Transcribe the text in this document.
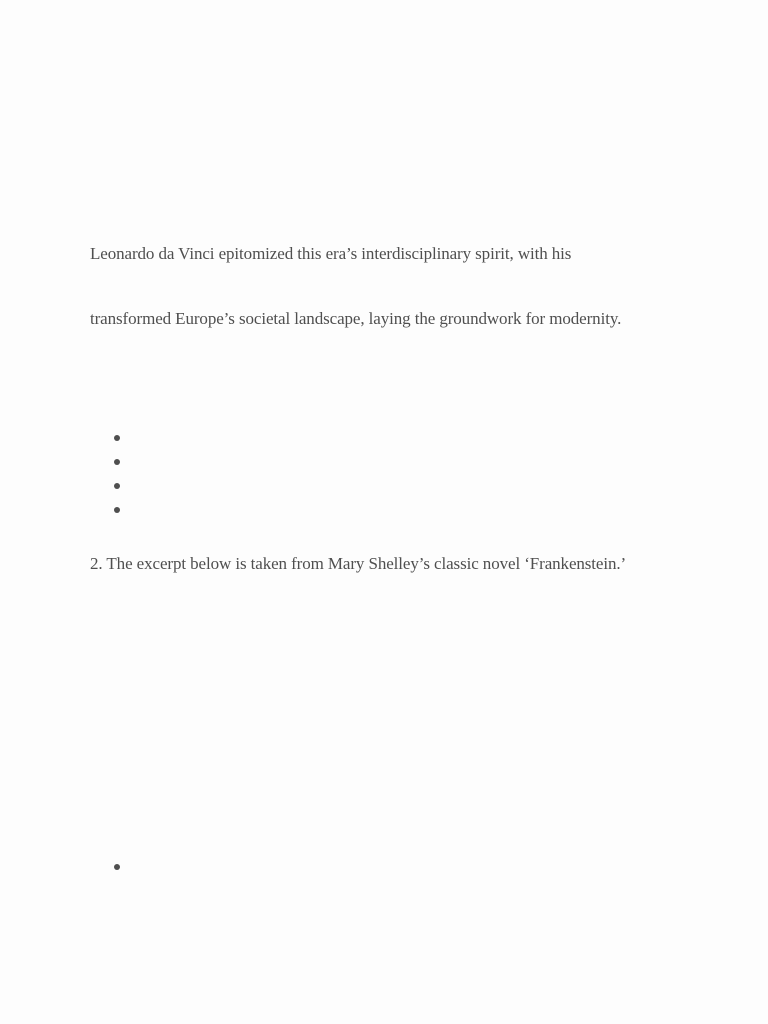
Leonardo da Vinci epitomized this era’s interdisciplinary spirit, with his
transformed Europe’s societal landscape, laying the groundwork for modernity.
2. The excerpt below is taken from Mary Shelley’s classic novel ‘Frankenstein.’
